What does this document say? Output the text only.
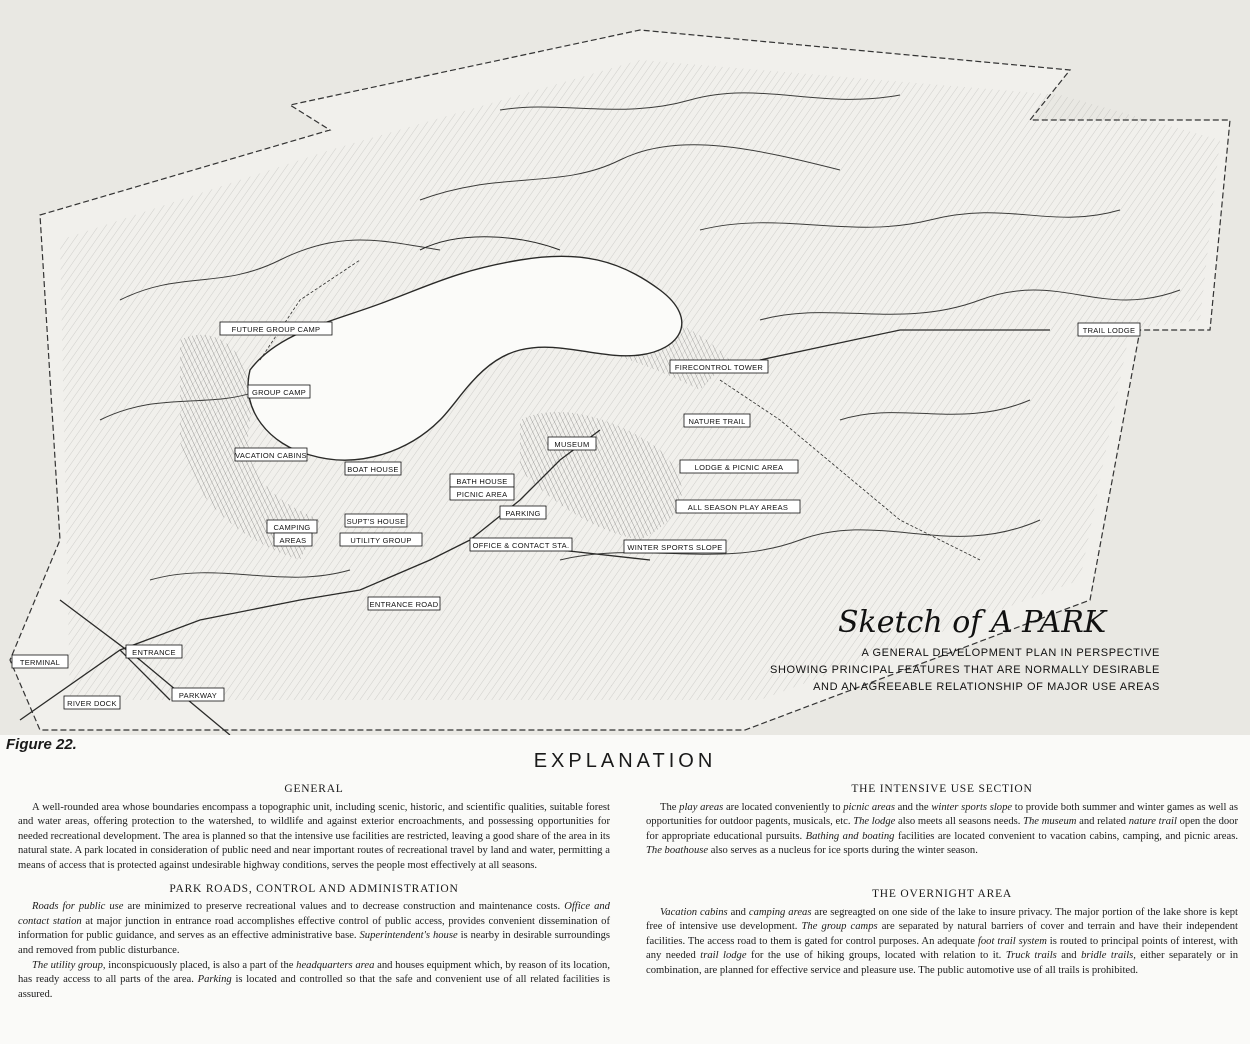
FUTURE GROUP CAMP
GROUP CAMP
VACATION CABINS
BOAT HOUSE
BATH HOUSE
PICNIC AREA
PARKING
MUSEUM
FIRECONTROL TOWER
NATURE TRAIL
TRAIL LODGE
LODGE & PICNIC AREA
ALL SEASON PLAY AREAS
WINTER SPORTS SLOPE
OFFICE & CONTACT STA.
UTILITY GROUP
SUPT'S HOUSE
CAMPING
AREAS
ENTRANCE ROAD
ENTRANCE
TERMINAL
PARKWAY
RIVER DOCK
Sketch of A PARK
A GENERAL DEVELOPMENT PLAN IN PERSPECTIVE
SHOWING PRINCIPAL FEATURES THAT ARE NORMALLY DESIRABLE
AND AN AGREEABLE RELATIONSHIP OF MAJOR USE AREAS
Figure 22.
EXPLANATION
GENERAL

A well-rounded area whose boundaries encompass a topographic unit, including scenic, historic, and scientific qualities, suitable forest and water areas, offering protection to the watershed, to wildlife and against exterior encroachments, and possessing opportunities for needed recreational development. The area is planned so that the intensive use facilities are restricted, leaving a good share of the area in its natural state. A park located in consideration of public need and near important routes of recreational travel by land and water, permitting a means of access that is protected against undesirable highway conditions, serves the people most effectively at all seasons.

PARK ROADS, CONTROL AND ADMINISTRATION

Roads for public use are minimized to preserve recreational values and to decrease construction and maintenance costs. Office and contact station at major junction in entrance road accomplishes effective control of public access, provides convenient dissemination of information for public guidance, and serves as an effective administrative base. Superintendent's house is nearby in desirable surroundings and removed from public disturbance.

The utility group, inconspicuously placed, is also a part of the headquarters area and houses equipment which, by reason of its location, has ready access to all parts of the area. Parking is located and controlled so that the safe and convenient use of all related facilities is assured.

THE INTENSIVE USE SECTION

The play areas are located conveniently to picnic areas and the winter sports slope to provide both summer and winter games as well as opportunities for outdoor pagents, musicals, etc. The lodge also meets all seasons needs. The museum and related nature trail open the door for appropriate educational pursuits. Bathing and boating facilities are located convenient to vacation cabins, camping, and picnic areas. The boathouse also serves as a nucleus for ice sports during the winter season.

THE OVERNIGHT AREA

Vacation cabins and camping areas are segreagted on one side of the lake to insure privacy. The major portion of the lake shore is kept free of intensive use development. The group camps are separated by natural barriers of cover and terrain and have their independent facilities. The access road to them is gated for control purposes. An adequate foot trail system is routed to principal points of interest, with any needed trail lodge for the use of hiking groups, located with relation to it. Truck trails and bridle trails, either separately or in combination, are planned for effective service and pleasure use. The public automotive use of all trails is prohibited.
